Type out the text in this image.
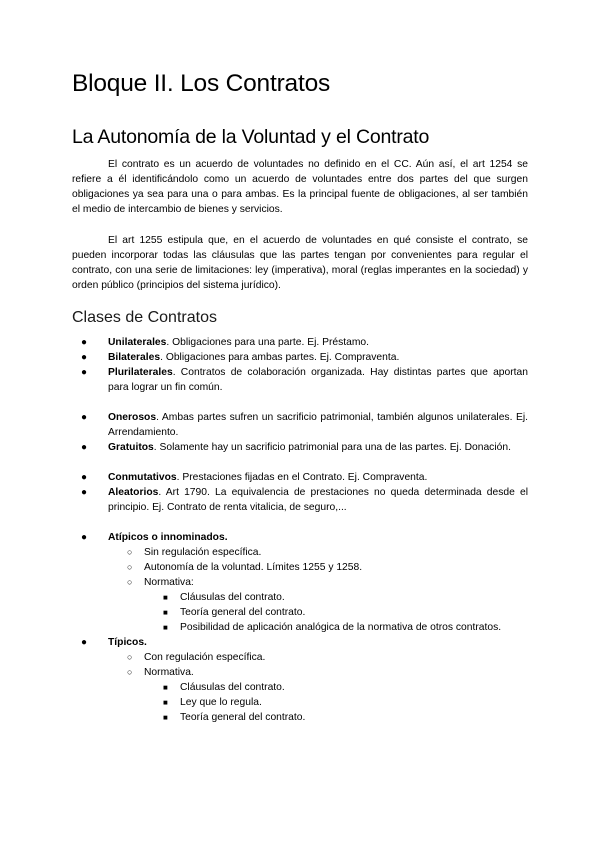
Bloque II. Los Contratos
La Autonomía de la Voluntad y el Contrato

El contrato es un acuerdo de voluntades no definido en el CC. Aún así, el art 1254 se refiere a él identificándolo como un acuerdo de voluntades entre dos partes del que surgen obligaciones ya sea para una o para ambas. Es la principal fuente de obligaciones, al ser también el medio de intercambio de bienes y servicios.

El art 1255 estipula que, en el acuerdo de voluntades en qué consiste el contrato, se pueden incorporar todas las cláusulas que las partes tengan por convenientes para regular el contrato, con una serie de limitaciones: ley (imperativa), moral (reglas imperantes en la sociedad) y orden público (principios del sistema jurídico).

Clases de Contratos
●	Unilaterales. Obligaciones para una parte. Ej. Préstamo.
●	Bilaterales. Obligaciones para ambas partes. Ej. Compraventa.
●	Plurilaterales. Contratos de colaboración organizada. Hay distintas partes que aportan para lograr un fin común.
●	Onerosos. Ambas partes sufren un sacrificio patrimonial, también algunos unilaterales. Ej. Arrendamiento.
●	Gratuitos. Solamente hay un sacrificio patrimonial para una de las partes. Ej. Donación.
●	Conmutativos. Prestaciones fijadas en el Contrato. Ej. Compraventa.
●	Aleatorios. Art 1790. La equivalencia de prestaciones no queda determinada desde el principio. Ej. Contrato de renta vitalicia, de seguro,...
●	Atípicos o innominados.
○ Sin regulación específica.
○ Autonomía de la voluntad. Límites 1255 y 1258.
○ Normativa:
■ Cláusulas del contrato.
■ Teoría general del contrato.
■ Posibilidad de aplicación analógica de la normativa de otros contratos.
●	Típicos.
○ Con regulación específica.
○ Normativa.
■ Cláusulas del contrato.
■ Ley que lo regula.
■ Teoría general del contrato.
